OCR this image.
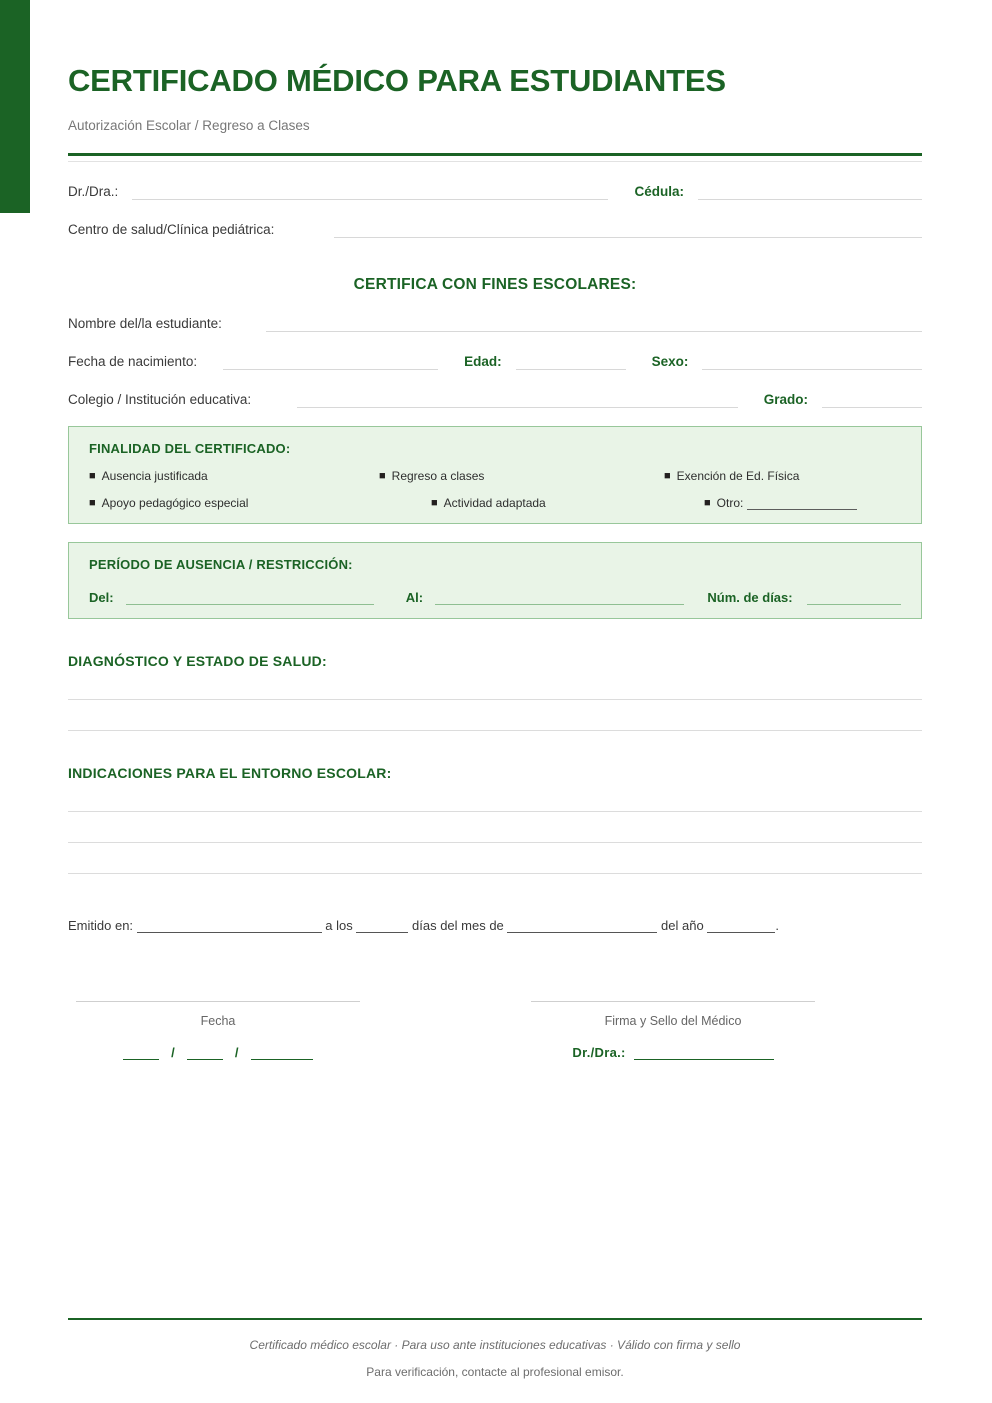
CERTIFICADO MÉDICO PARA ESTUDIANTES
Autorización Escolar / Regreso a Clases
Dr./Dra.:	Cédula:
Centro de salud/Clínica pediátrica:
CERTIFICA CON FINES ESCOLARES:
Nombre del/la estudiante:
Fecha de nacimiento:	Edad:	Sexo:
Colegio / Institución educativa:	Grado:
FINALIDAD DEL CERTIFICADO:
■ Ausencia justificada	■ Regreso a clases	■ Exención de Ed. Física
■ Apoyo pedagógico especial	■ Actividad adaptada	■ Otro:
PERÍODO DE AUSENCIA / RESTRICCIÓN:
Del:	Al:	Núm. de días:
DIAGNÓSTICO Y ESTADO DE SALUD:
INDICACIONES PARA EL ENTORNO ESCOLAR:
Emitido en:	a los	días del mes de	del año	.
Fecha
/	/
Firma y Sello del Médico
Dr./Dra.:
Certificado médico escolar · Para uso ante instituciones educativas · Válido con firma y sello
Para verificación, contacte al profesional emisor.
